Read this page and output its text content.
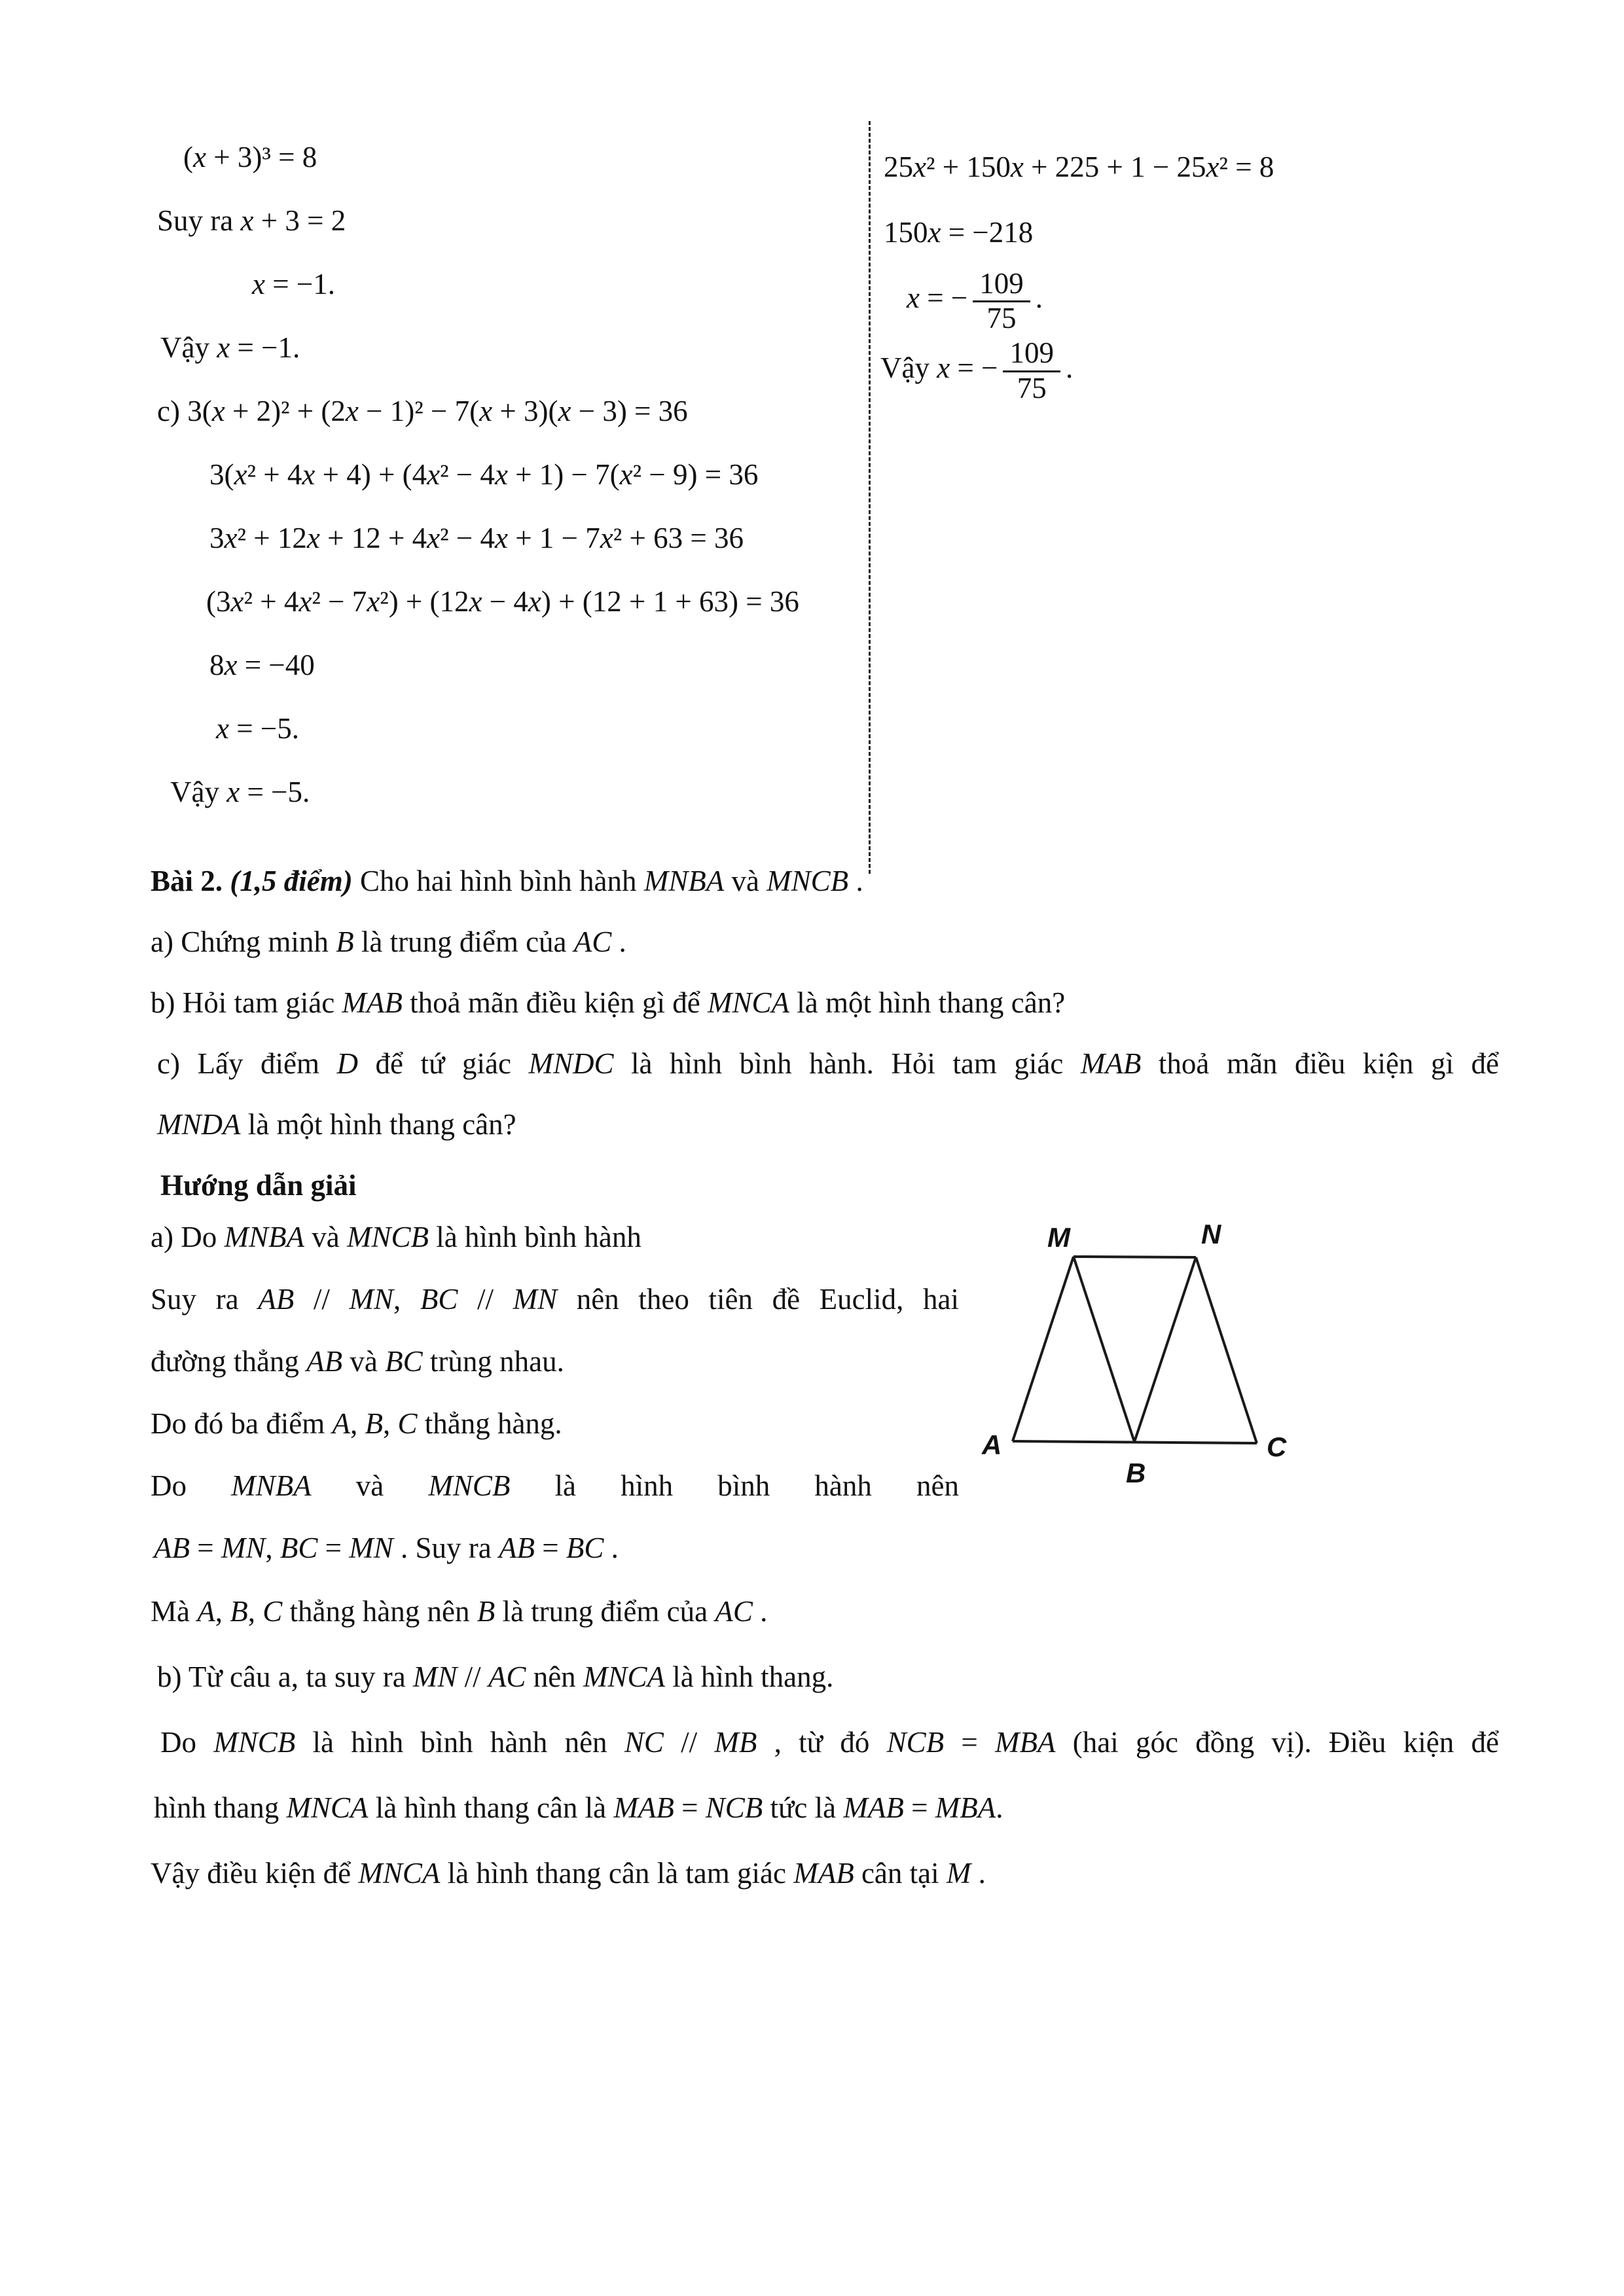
(x + 3)³ = 8
Suy ra x + 3 = 2
x = −1.
Vậy x = −1.
c) 3(x + 2)² + (2x − 1)² − 7(x + 3)(x − 3) = 36
3(x² + 4x + 4) + (4x² − 4x + 1) − 7(x² − 9) = 36
3x² + 12x + 12 + 4x² − 4x + 1 − 7x² + 63 = 36
(3x² + 4x² − 7x²) + (12x − 4x) + (12 + 1 + 63) = 36
8x = −40
x = −5.
Vậy x = −5.
25x² + 150x + 225 + 1 − 25x² = 8
150x = −218
x = − $\frac{109}{75}$ .
Vậy x = − $\frac{109}{75}$ .
Bài 2. (1,5 điểm) Cho hai hình bình hành MNBA và MNCB .
a) Chứng minh B là trung điểm của AC .
b) Hỏi tam giác MAB thoả mãn điều kiện gì để MNCA là một hình thang cân?
c) Lấy điểm D để tứ giác MNDC là hình bình hành. Hỏi tam giác MAB thoả mãn điều kiện gì để
MNDA là một hình thang cân?
Hướng dẫn giải
a) Do MNBA và MNCB là hình bình hành
Suy ra AB // MN, BC // MN nên theo tiên đề Euclid, hai
đường thẳng AB và BC trùng nhau.
Do đó ba điểm A, B, C thẳng hàng.
Do MNBA và MNCB là hình bình hành nên
AB = MN, BC = MN . Suy ra AB = BC .
M	N
A
B
C
Mà A, B, C thẳng hàng nên B là trung điểm của AC .
b) Từ câu a, ta suy ra MN // AC nên MNCA là hình thang.
Do MNCB là hình bình hành nên NC // MB , từ đó NCB = MBA (hai góc đồng vị). Điều kiện để
hình thang MNCA là hình thang cân là MAB = NCB tức là MAB = MBA.
Vậy điều kiện để MNCA là hình thang cân là tam giác MAB cân tại M .
